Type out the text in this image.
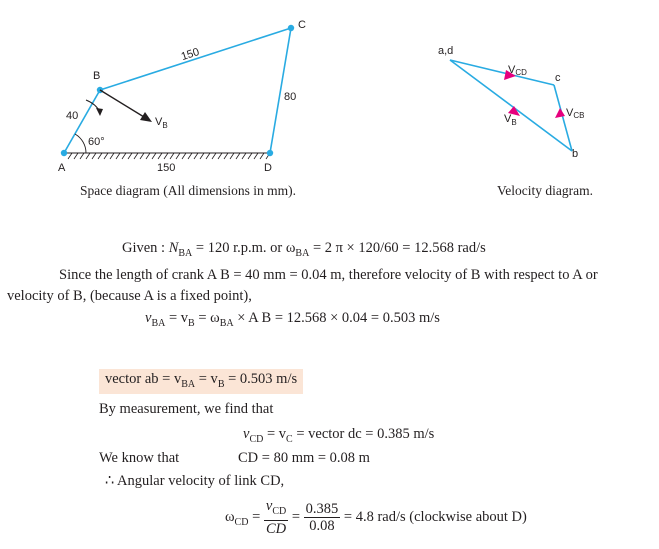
A
B
C
D
40
150
80
150
60°
$V_B$
Space diagram (All dimensions in mm).
a,d
c
b
VCD
$V_B$
VCB
Velocity diagram.
Given : $N_{BA} = 120$ r.p.m. or $\omega_{BA} = 2$ π × 120/60 = 12.568 rad/s
Since the length of crank A B = 40 mm = 0.04 m, therefore velocity of B with respect to A or
velocity of B, (because A is a fixed point),
$v_{BA} = v_B = \omega_{BA} \times A$ B = 12.568 × 0.04 = 0.503 m/s
vector ab = $v_{BA} = v_B = 0.503$ m/s
By measurement, we find that
$v_{CD} = v_C$ = vector dc = 0.385 m/s
We know that	CD = 80 mm = 0.08 m
∴ Angular velocity of link CD,
$\omega_{CD} = \frac{v_{CD}}{CD} = \frac{0.385}{0.08} = 4.8$ rad/s (clockwise about D)
